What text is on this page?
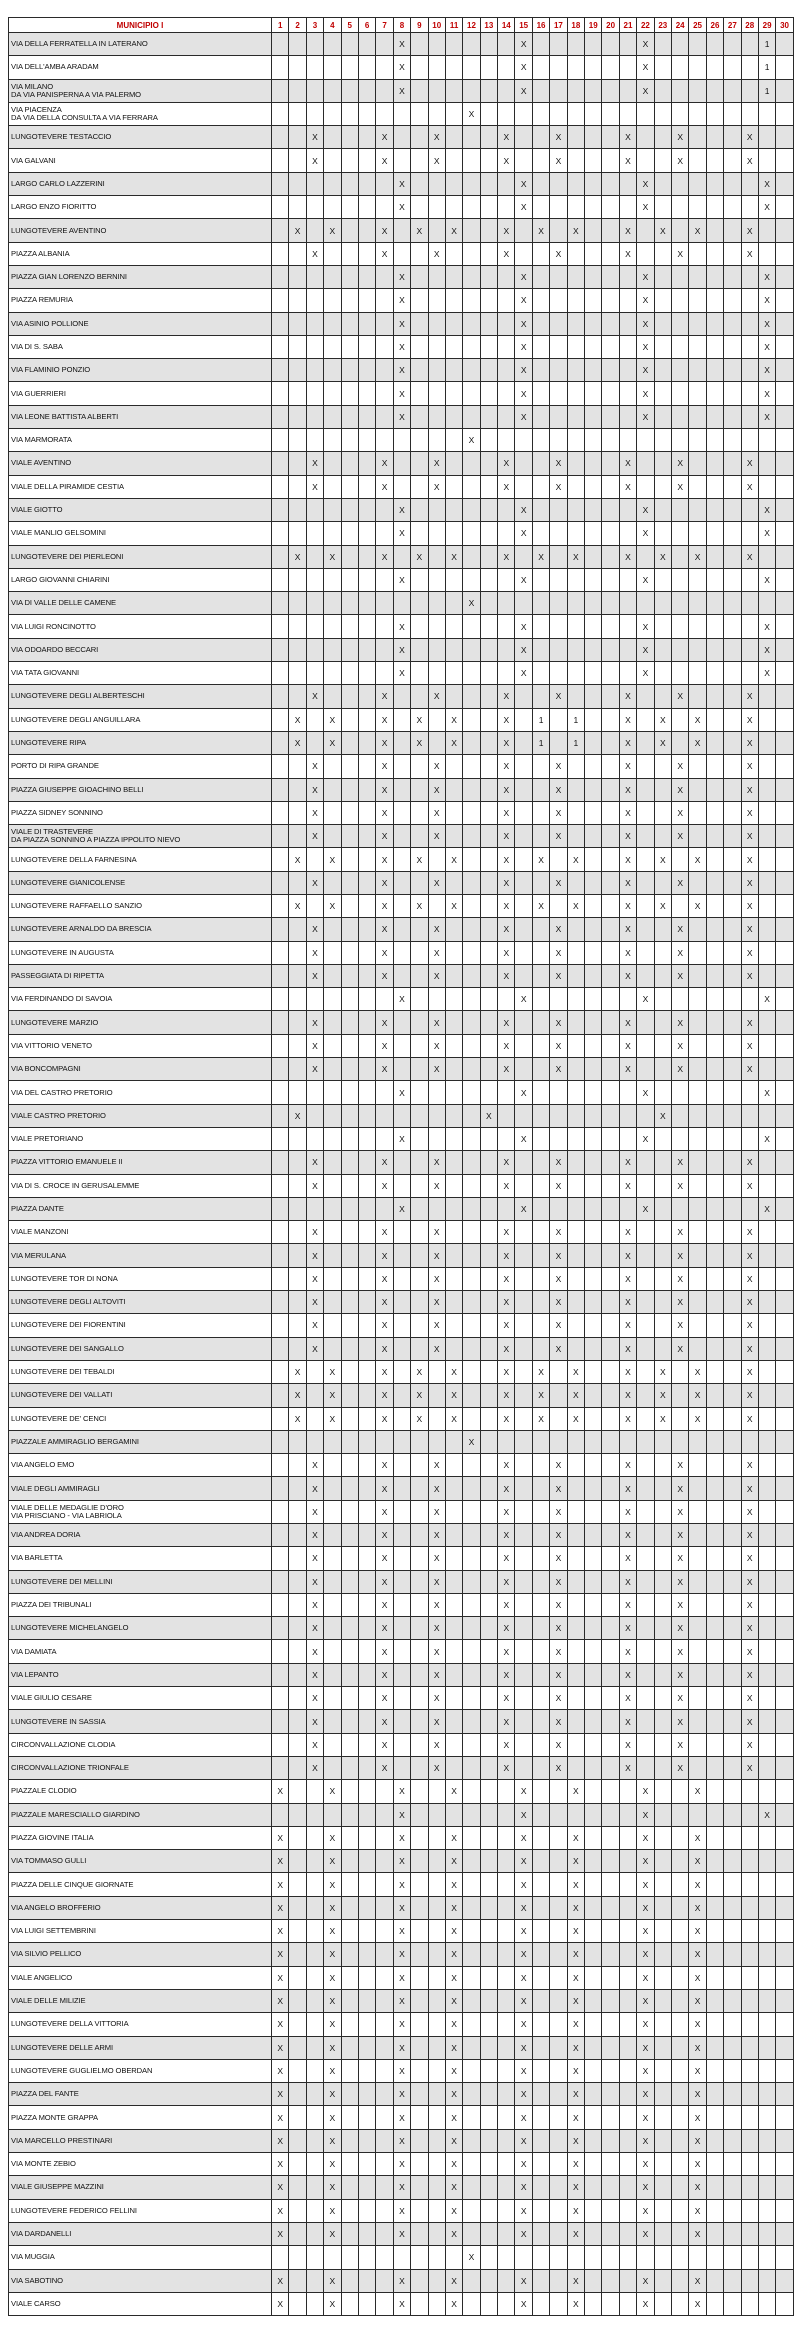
MUNICIPIO I	1	2	3	4	5	6	7	8	9	10	11	12	13	14	15	16	17	18	19	20	21	22	23	24	25	26	27	28	29	30
VIA DELLA FERRATELLA IN LATERANO								X							X							X							1	
VIA DELL'AMBA ARADAM								X							X							X							1	
VIA MILANO
DA VIA PANISPERNA A VIA PALERMO								X							X							X							1	
VIA PIACENZA
DA VIA DELLA CONSULTA A VIA FERRARA												X																		
LUNGOTEVERE TESTACCIO			X				X			X				X			X				X			X				X		
VIA GALVANI			X				X			X				X			X				X			X				X		
LARGO CARLO LAZZERINI								X							X							X							X	
LARGO ENZO FIORITTO								X							X							X							X	
LUNGOTEVERE AVENTINO		X		X			X		X		X			X		X		X			X		X		X			X		
PIAZZA ALBANIA			X				X			X				X			X				X			X				X		
PIAZZA GIAN LORENZO BERNINI								X							X							X							X	
PIAZZA REMURIA								X							X							X							X	
VIA ASINIO POLLIONE								X							X							X							X	
VIA DI S. SABA								X							X							X							X	
VIA FLAMINIO PONZIO								X							X							X							X	
VIA GUERRIERI								X							X							X							X	
VIA LEONE BATTISTA ALBERTI								X							X							X							X	
VIA MARMORATA												X																		
VIALE AVENTINO			X				X			X				X			X				X			X				X		
VIALE DELLA PIRAMIDE CESTIA			X				X			X				X			X				X			X				X		
VIALE GIOTTO								X							X							X							X	
VIALE MANLIO GELSOMINI								X							X							X							X	
LUNGOTEVERE DEI PIERLEONI		X		X			X		X		X			X		X		X			X		X		X			X		
LARGO GIOVANNI CHIARINI								X							X							X							X	
VIA DI VALLE DELLE CAMENE												X																		
VIA LUIGI RONCINOTTO								X							X							X							X	
VIA ODOARDO BECCARI								X							X							X							X	
VIA TATA GIOVANNI								X							X							X							X	
LUNGOTEVERE DEGLI ALBERTESCHI			X				X			X				X			X				X			X				X		
LUNGOTEVERE DEGLI ANGUILLARA		X		X			X		X		X			X		1		1			X		X		X			X		
LUNGOTEVERE RIPA		X		X			X		X		X			X		1		1			X		X		X			X		
PORTO DI RIPA GRANDE			X				X			X				X			X				X			X				X		
PIAZZA GIUSEPPE GIOACHINO BELLI			X				X			X				X			X				X			X				X		
PIAZZA SIDNEY SONNINO			X				X			X				X			X				X			X				X		
VIALE DI TRASTEVERE
DA PIAZZA SONNINO A PIAZZA IPPOLITO NIEVO			X				X			X				X			X				X			X				X		
LUNGOTEVERE DELLA FARNESINA		X		X			X		X		X			X		X		X			X		X		X			X		
LUNGOTEVERE GIANICOLENSE			X				X			X				X			X				X			X				X		
LUNGOTEVERE RAFFAELLO SANZIO		X		X			X		X		X			X		X		X			X		X		X			X		
LUNGOTEVERE ARNALDO DA BRESCIA			X				X			X				X			X				X			X				X		
LUNGOTEVERE IN AUGUSTA			X				X			X				X			X				X			X				X		
PASSEGGIATA DI RIPETTA			X				X			X				X			X				X			X				X		
VIA FERDINANDO DI SAVOIA								X							X							X							X	
LUNGOTEVERE MARZIO			X				X			X				X			X				X			X				X		
VIA VITTORIO VENETO			X				X			X				X			X				X			X				X		
VIA BONCOMPAGNI			X				X			X				X			X				X			X				X		
VIA DEL CASTRO PRETORIO								X							X							X							X	
VIALE CASTRO PRETORIO		X											X										X							
VIALE PRETORIANO								X							X							X							X	
PIAZZA VITTORIO EMANUELE II			X				X			X				X			X				X			X				X		
VIA DI S. CROCE IN GERUSALEMME			X				X			X				X			X				X			X				X		
PIAZZA DANTE								X							X							X							X	
VIALE MANZONI			X				X			X				X			X				X			X				X		
VIA MERULANA			X				X			X				X			X				X			X				X		
LUNGOTEVERE TOR DI NONA			X				X			X				X			X				X			X				X		
LUNGOTEVERE DEGLI ALTOVITI			X				X			X				X			X				X			X				X		
LUNGOTEVERE DEI FIORENTINI			X				X			X				X			X				X			X				X		
LUNGOTEVERE DEI SANGALLO			X				X			X				X			X				X			X				X		
LUNGOTEVERE DEI TEBALDI		X		X			X		X		X			X		X		X			X		X		X			X		
LUNGOTEVERE DEI VALLATI		X		X			X		X		X			X		X		X			X		X		X			X		
LUNGOTEVERE DE' CENCI		X		X			X		X		X			X		X		X			X		X		X			X		
PIAZZALE AMMIRAGLIO BERGAMINI												X																		
VIA ANGELO EMO			X				X			X				X			X				X			X				X		
VIALE DEGLI AMMIRAGLI			X				X			X				X			X				X			X				X		
VIALE DELLE MEDAGLIE D'ORO
VIA PRISCIANO - VIA LABRIOLA			X				X			X				X			X				X			X				X		
VIA ANDREA DORIA			X				X			X				X			X				X			X				X		
VIA BARLETTA			X				X			X				X			X				X			X				X		
LUNGOTEVERE DEI MELLINI			X				X			X				X			X				X			X				X		
PIAZZA DEI TRIBUNALI			X				X			X				X			X				X			X				X		
LUNGOTEVERE MICHELANGELO			X				X			X				X			X				X			X				X		
VIA DAMIATA			X				X			X				X			X				X			X				X		
VIA LEPANTO			X				X			X				X			X				X			X				X		
VIALE GIULIO CESARE			X				X			X				X			X				X			X				X		
LUNGOTEVERE IN SASSIA			X				X			X				X			X				X			X				X		
CIRCONVALLAZIONE CLODIA			X				X			X				X			X				X			X				X		
CIRCONVALLAZIONE TRIONFALE			X				X			X				X			X				X			X				X		
PIAZZALE CLODIO	X			X				X			X				X			X				X			X					
PIAZZALE MARESCIALLO GIARDINO								X							X							X							X	
PIAZZA GIOVINE ITALIA	X			X				X			X				X			X				X			X					
VIA TOMMASO GULLI	X			X				X			X				X			X				X			X					
PIAZZA DELLE CINQUE GIORNATE	X			X				X			X				X			X				X			X					
VIA ANGELO BROFFERIO	X			X				X			X				X			X				X			X					
VIA LUIGI SETTEMBRINI	X			X				X			X				X			X				X			X					
VIA SILVIO PELLICO	X			X				X			X				X			X				X			X					
VIALE ANGELICO	X			X				X			X				X			X				X			X					
VIALE DELLE MILIZIE	X			X				X			X				X			X				X			X					
LUNGOTEVERE DELLA VITTORIA	X			X				X			X				X			X				X			X					
LUNGOTEVERE DELLE ARMI	X			X				X			X				X			X				X			X					
LUNGOTEVERE GUGLIELMO OBERDAN	X			X				X			X				X			X				X			X					
PIAZZA DEL FANTE	X			X				X			X				X			X				X			X					
PIAZZA MONTE GRAPPA	X			X				X			X				X			X				X			X					
VIA MARCELLO PRESTINARI	X			X				X			X				X			X				X			X					
VIA MONTE ZEBIO	X			X				X			X				X			X				X			X					
VIALE GIUSEPPE MAZZINI	X			X				X			X				X			X				X			X					
LUNGOTEVERE FEDERICO FELLINI	X			X				X			X				X			X				X			X					
VIA DARDANELLI	X			X				X			X				X			X				X			X					
VIA MUGGIA												X																		
VIA SABOTINO	X			X				X			X				X			X				X			X					
VIALE CARSO	X			X				X			X				X			X				X			X					
